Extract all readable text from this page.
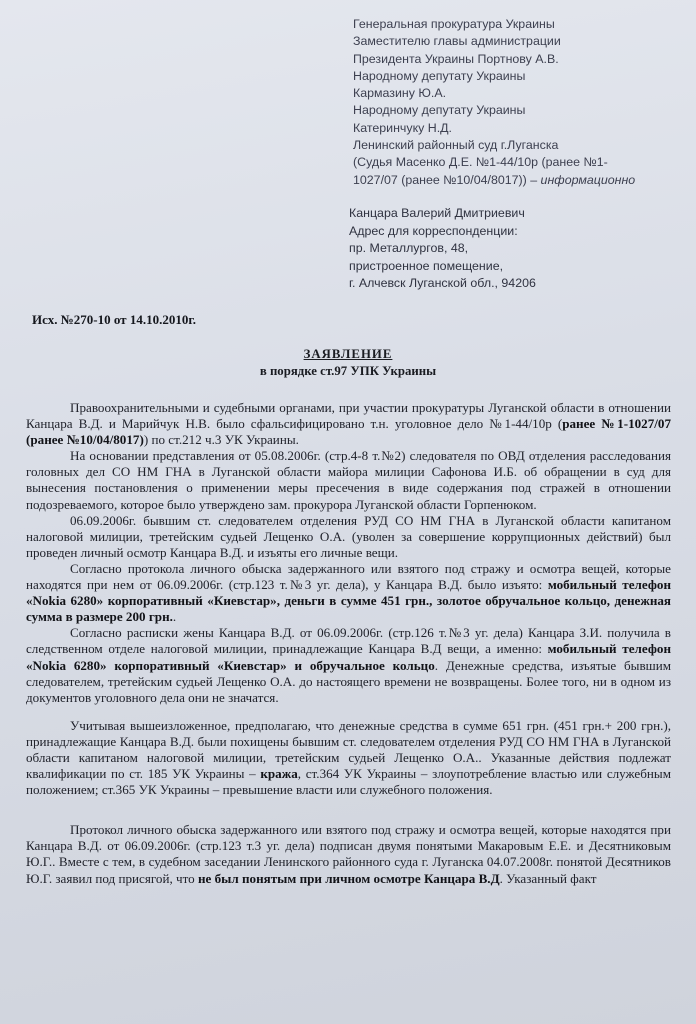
Генеральная прокуратура Украины
Заместителю главы администрации
Президента Украины Портнову А.В.
Народному депутату Украины
Кармазину Ю.А.
Народному депутату Украины
Катеринчуку Н.Д.
Ленинский районный суд г.Луганска
(Судья Масенко Д.Е. №1-44/10р (ранее №1-
1027/07 (ранее №10/04/8017)) – информационно
Канцара Валерий Дмитриевич
Адрес для корреспонденции:
пр. Металлургов, 48,
пристроенное помещение,
г. Алчевск Луганской обл., 94206
Исх. №270-10 от 14.10.2010г.
ЗАЯВЛЕНИЕ
в порядке ст.97 УПК Украины

Правоохранительными и судебными органами, при участии прокуратуры Луганской области в отношении Канцара В.Д. и Марийчук Н.В. было сфальсифицировано т.н. уголовное дело №1-44/10р (ранее №1-1027/07 (ранее №10/04/8017)) по ст.212 ч.3 УК Украины.

На основании представления от 05.08.2006г. (стр.4-8 т.№2) следователя по ОВД отделения расследования головных дел СО НМ ГНА в Луганской области майора милиции Сафонова И.Б. об обращении в суд для вынесения постановления о применении меры пресечения в виде содержания под стражей в отношении подозреваемого, которое было утверждено зам. прокурора Луганской области Горпенюком.

06.09.2006г. бывшим ст. следователем отделения РУД СО НМ ГНА в Луганской области капитаном налоговой милиции, третейским судьей Лещенко О.А. (уволен за совершение коррупционных действий) был проведен личный осмотр Канцара В.Д. и изъяты его личные вещи.

Согласно протокола личного обыска задержанного или взятого под стражу и осмотра вещей, которые находятся при нем от 06.09.2006г. (стр.123 т.№3 уг. дела), у Канцара В.Д. было изъято: мобильный телефон «Nokia 6280» корпоративный «Киевстар», деньги в сумме 451 грн., золотое обручальное кольцо, денежная сумма в размере 200 грн..

Согласно расписки жены Канцара В.Д. от 06.09.2006г. (стр.126 т.№3 уг. дела) Канцара З.И. получила в следственном отделе налоговой милиции, принадлежащие Канцара В.Д вещи, а именно: мобильный телефон «Nokia 6280» корпоративный «Киевстар» и обручальное кольцо. Денежные средства, изъятые бывшим следователем, третейским судьей Лещенко О.А. до настоящего времени не возвращены. Более того, ни в одном из документов уголовного дела они не значатся.

Учитывая вышеизложенное, предполагаю, что денежные средства в сумме 651 грн. (451 грн.+ 200 грн.), принадлежащие Канцара В.Д. были похищены бывшим ст. следователем отделения РУД СО НМ ГНА в Луганской области капитаном налоговой милиции, третейским судьей Лещенко О.А.. Указанные действия подлежат квалификации по ст. 185 УК Украины – кража, ст.364 УК Украины – злоупотребление властью или служебным положением; ст.365 УК Украины – превышение власти или служебного положения.

Протокол личного обыска задержанного или взятого под стражу и осмотра вещей, которые находятся при Канцара В.Д. от 06.09.2006г. (стр.123 т.3 уг. дела) подписан двумя понятыми Макаровым Е.Е. и Десятниковым Ю.Г.. Вместе с тем, в судебном заседании Ленинского районного суда г. Луганска 04.07.2008г. понятой Десятников Ю.Г. заявил под присягой, что не был понятым при личном осмотре Канцара В.Д. Указанный факт
